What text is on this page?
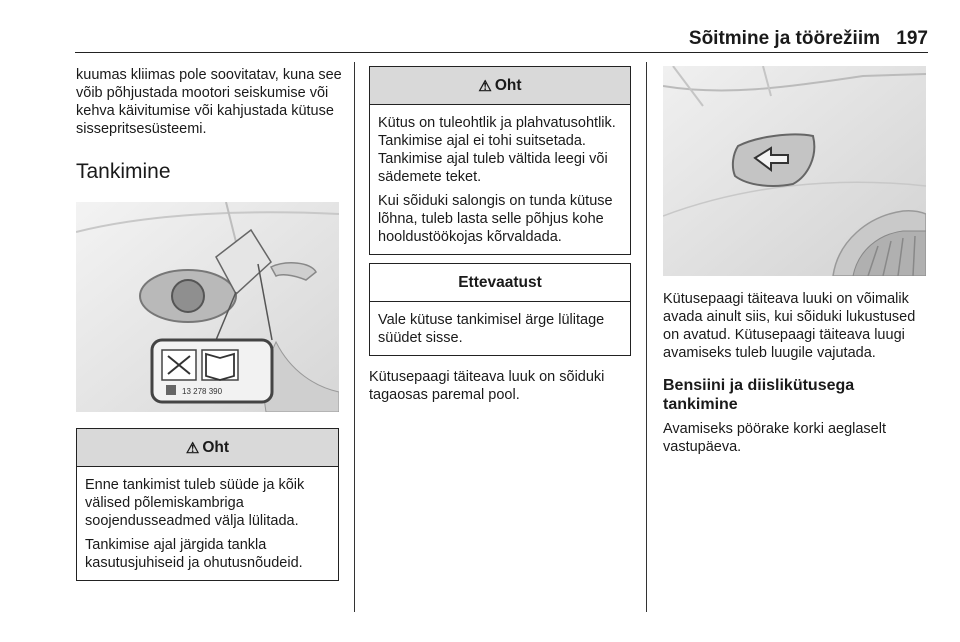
Sõitmine ja töörežiim 197

kuumas kliimas pole soovitatav, kuna see võib põhjustada mootori seiskumise või kehva käivitumise või kahjustada kütuse sissepritsesüsteemi.

Tankimine
13 278 390
⚠ Oht

Enne tankimist tuleb süüde ja kõik välised põlemiskambriga soojendusseadmed välja lülitada.

Tankimise ajal järgida tankla kasutusjuhiseid ja ohutusnõudeid.

⚠ Oht

Kütus on tuleohtlik ja plahvatusohtlik. Tankimise ajal ei tohi suitsetada. Tankimise ajal tuleb vältida leegi või sädemete teket.

Kui sõiduki salongis on tunda kütuse lõhna, tuleb lasta selle põhjus kohe hooldustöökojas kõrvaldada.

Ettevaatust

Vale kütuse tankimisel ärge lülitage süüdet sisse.

Kütusepaagi täiteava luuk on sõiduki tagaosas paremal pool.

Kütusepaagi täiteava luuki on võimalik avada ainult siis, kui sõiduki lukustused on avatud. Kütusepaagi täiteava luugi avamiseks tuleb luugile vajutada.

Bensiini ja diislikütusega tankimine

Avamiseks pöörake korki aeglaselt vastupäeva.
